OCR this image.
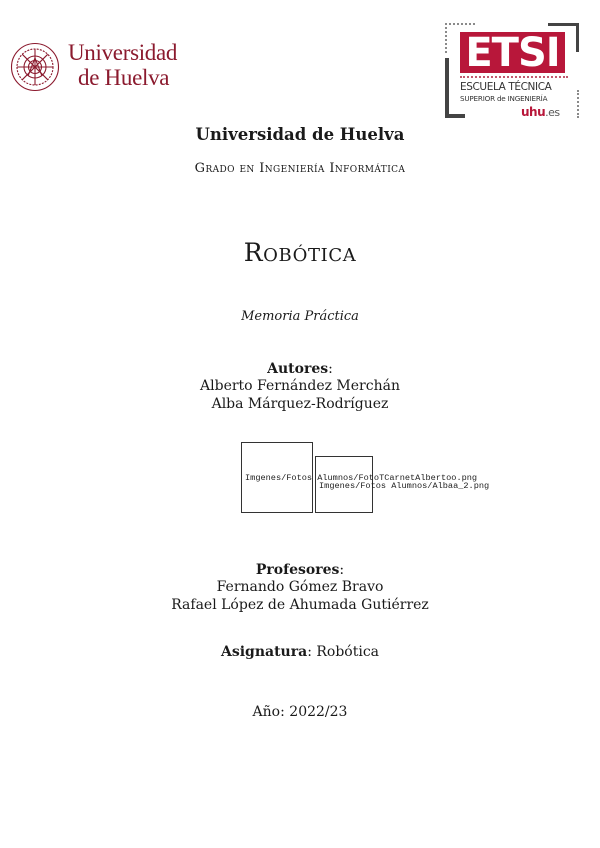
Universidad
de Huelva
ETSI
ESCUELA TÉCNICA
SUPERIOR de INGENIERÍA
uhu.es
Universidad de Huelva
Grado en Ingeniería Informática
Robótica
Memoria Práctica
Autores:
Alberto Fernández Merchán
Alba Márquez-Rodríguez
Imgenes/Fotos Alumnos/FotoTCarnetAlbertoo.png
Imgenes/Fotos Alumnos/Albaa_2.png
Profesores:
Fernando Gómez Bravo
Rafael López de Ahumada Gutiérrez
Asignatura: Robótica
Año: 2022/23
